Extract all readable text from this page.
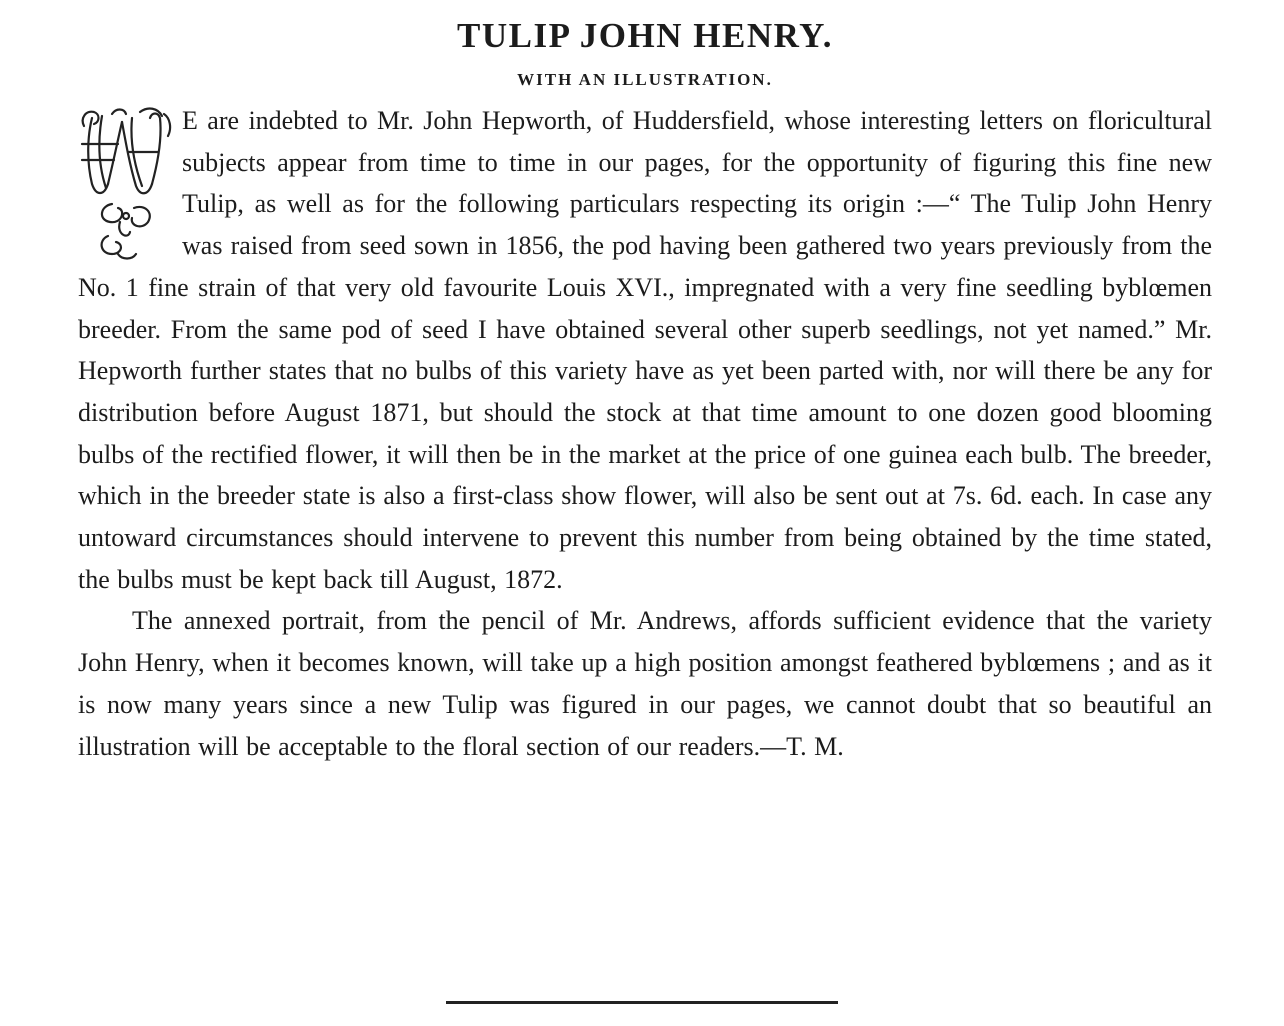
TULIP JOHN HENRY.
WITH AN ILLUSTRATION.

E are indebted to Mr. John Hepworth, of Huddersfield, whose interesting letters on floricultural subjects appear from time to time in our pages, for the opportunity of figuring this fine new Tulip, as well as for the following particulars respecting its origin :—“ The Tulip John Henry was raised from seed sown in 1856, the pod having been gathered two years previously from the No. 1 fine strain of that very old favourite Louis XVI., impregnated with a very fine seedling byblœmen breeder. From the same pod of seed I have obtained several other superb seedlings, not yet named.” Mr. Hepworth further states that no bulbs of this variety have as yet been parted with, nor will there be any for distribution before August 1871, but should the stock at that time amount to one dozen good blooming bulbs of the rectified flower, it will then be in the market at the price of one guinea each bulb. The breeder, which in the breeder state is also a first-class show flower, will also be sent out at 7s. 6d. each. In case any untoward circumstances should intervene to prevent this number from being obtained by the time stated, the bulbs must be kept back till August, 1872.

The annexed portrait, from the pencil of Mr. Andrews, affords sufficient evidence that the variety John Henry, when it becomes known, will take up a high position amongst feathered byblœmens ; and as it is now many years since a new Tulip was figured in our pages, we cannot doubt that so beautiful an illustration will be acceptable to the floral section of our readers.—T. M.
